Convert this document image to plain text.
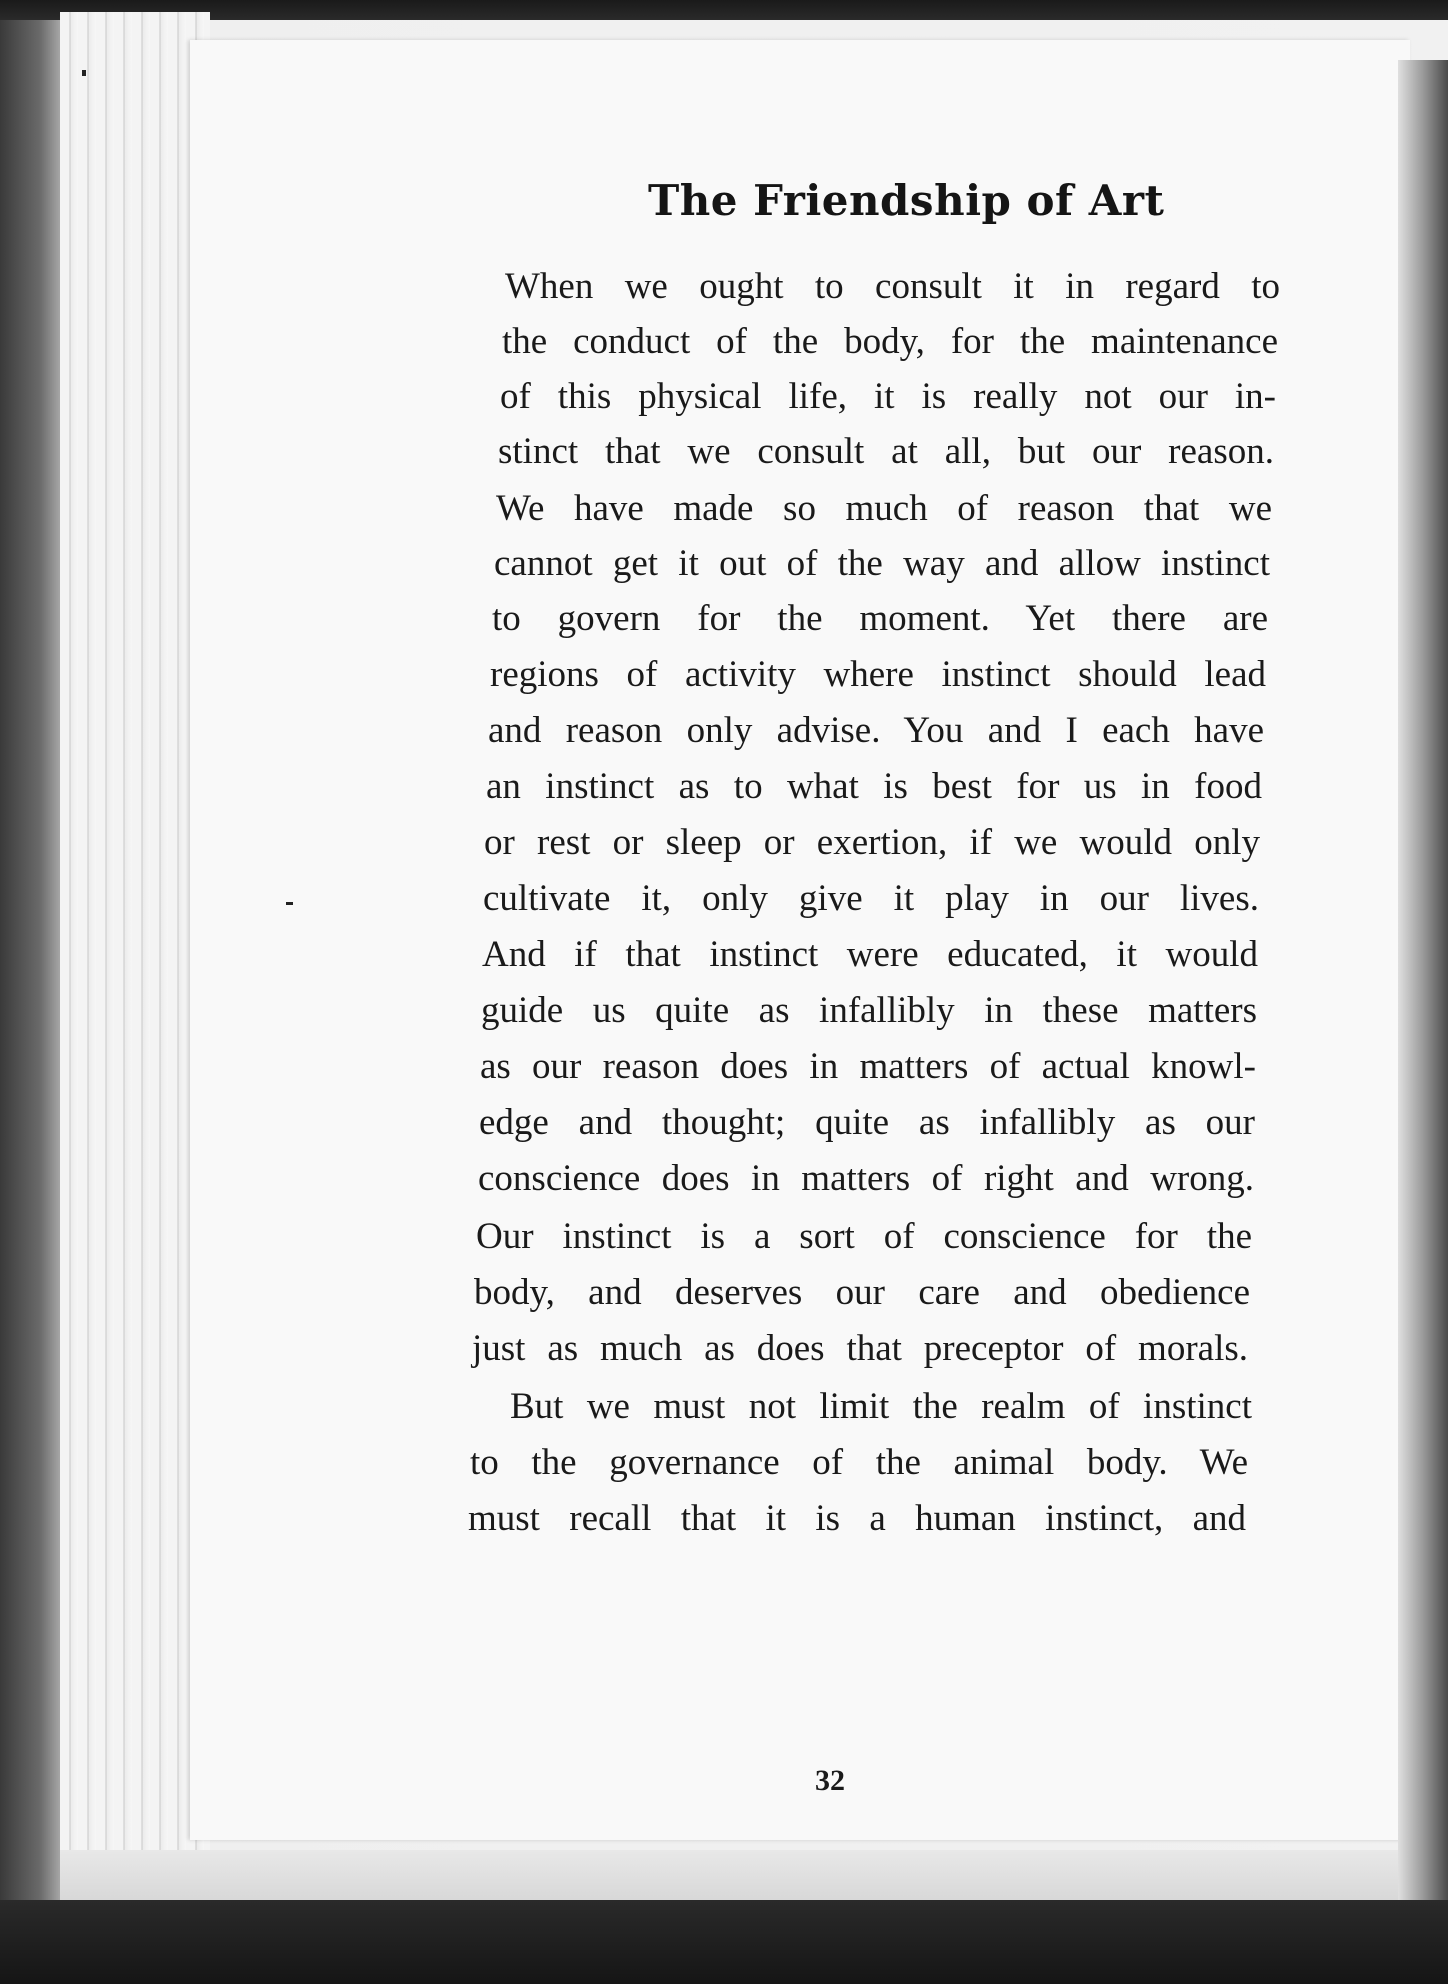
The Friendship of Art
When we ought to consult it in regard to
the conduct of the body, for the maintenance
of this physical life, it is really not our in-
stinct that we consult at all, but our reason.
We have made so much of reason that we
cannot get it out of the way and allow instinct
to govern for the moment. Yet there are
regions of activity where instinct should lead
and reason only advise. You and I each have
an instinct as to what is best for us in food
or rest or sleep or exertion, if we would only
cultivate it, only give it play in our lives.
And if that instinct were educated, it would
guide us quite as infallibly in these matters
as our reason does in matters of actual knowl-
edge and thought; quite as infallibly as our
conscience does in matters of right and wrong.
Our instinct is a sort of conscience for the
body, and deserves our care and obedience
just as much as does that preceptor of morals.
But we must not limit the realm of instinct
to the governance of the animal body. We
must recall that it is a human instinct, and
32
